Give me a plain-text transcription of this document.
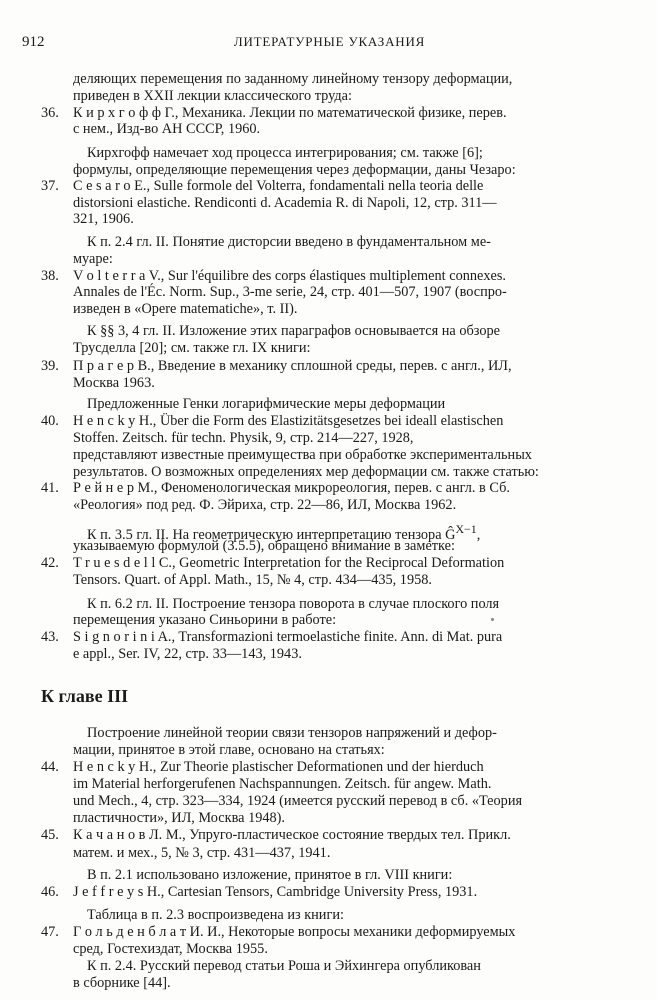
912	ЛИТЕРАТУРНЫЕ УКАЗАНИЯ
деляющих перемещения по заданному линейному тензору деформации,
приведен в XXII лекции классического труда:
36. К и р х г о ф ф Г., Механика. Лекции по математической физике, перев.
с нем., Изд-во АН СССР, 1960.
Кирхгофф намечает ход процесса интегрирования; см. также [6];
формулы, определяющие перемещения через деформации, даны Чезаро:
37. C e s a r o E., Sulle formole del Volterra, fondamentali nella teoria delle
distorsioni elastiche. Rendiconti d. Academia R. di Napoli, 12, стр. 311—
321, 1906.
К п. 2.4 гл. II. Понятие дисторсии введено в фундаментальном ме-
муаре:
38. V o l t e r r a V., Sur l'équilibre des corps élastiques multiplement connexes.
Annales de l'Éc. Norm. Sup., 3-me serie, 24, стр. 401—507, 1907 (воспро-
изведен в «Opere matematiche», т. II).
К §§ 3, 4 гл. II. Изложение этих параграфов основывается на обзоре
Трусделла [20]; см. также гл. IX книги:
39. П р а г е р В., Введение в механику сплошной среды, перев. с англ., ИЛ,
Москва 1963.
Предложенные Генки логарифмические меры деформации
40. H e n c k y H., Über die Form des Elastizitätsgesetzes bei ideall elastischen
Stoffen. Zeitsch. für techn. Physik, 9, стр. 214—227, 1928,
представляют известные преимущества при обработке экспериментальных
результатов. О возможных определениях мер деформации см. также статью:
41. Р е й н е р М., Феноменологическая микрореология, перев. с англ. в Сб.
«Реология» под ред. Ф. Эйриха, стр. 22—86, ИЛ, Москва 1962.
К п. 3.5 гл. II. На геометрическую интерпретацию тензора $Ĝ^{X-1}$,
указываемую формулой (3.5.5), обращено внимание в заметке:
42. T r u e s d e l l C., Geometric Interpretation for the Reciprocal Deformation
Tensors. Quart. of Appl. Math., 15, № 4, стр. 434—435, 1958.
К п. 6.2 гл. II. Построение тензора поворота в случае плоского поля
перемещения указано Синьорини в работе:
43. S i g n o r i n i A., Transformazioni termoelastiche finite. Ann. di Mat. pura
e appl., Ser. IV, 22, стр. 33—143, 1943.
К главе III
Построение линейной теории связи тензоров напряжений и дефор-
мации, принятое в этой главе, основано на статьях:
44. H e n c k y H., Zur Theorie plastischer Deformationen und der hierduch
im Material herforgerufenen Nachspannungen. Zeitsch. für angew. Math.
und Mech., 4, стр. 323—334, 1924 (имеется русский перевод в сб. «Теория
пластичности», ИЛ, Москва 1948).
45. К а ч а н о в Л. М., Упруго-пластическое состояние твердых тел. Прикл.
матем. и мех., 5, № 3, стр. 431—437, 1941.
В п. 2.1 использовано изложение, принятое в гл. VIII книги:
46. J e f f r e y s H., Cartesian Tensors, Cambridge University Press, 1931.
Таблица в п. 2.3 воспроизведена из книги:
47. Г о л ь д е н б л а т И. И., Некоторые вопросы механики деформируемых
сред, Гостехиздат, Москва 1955.
К п. 2.4. Русский перевод статьи Роша и Эйхингера опубликован
в сборнике [44].
